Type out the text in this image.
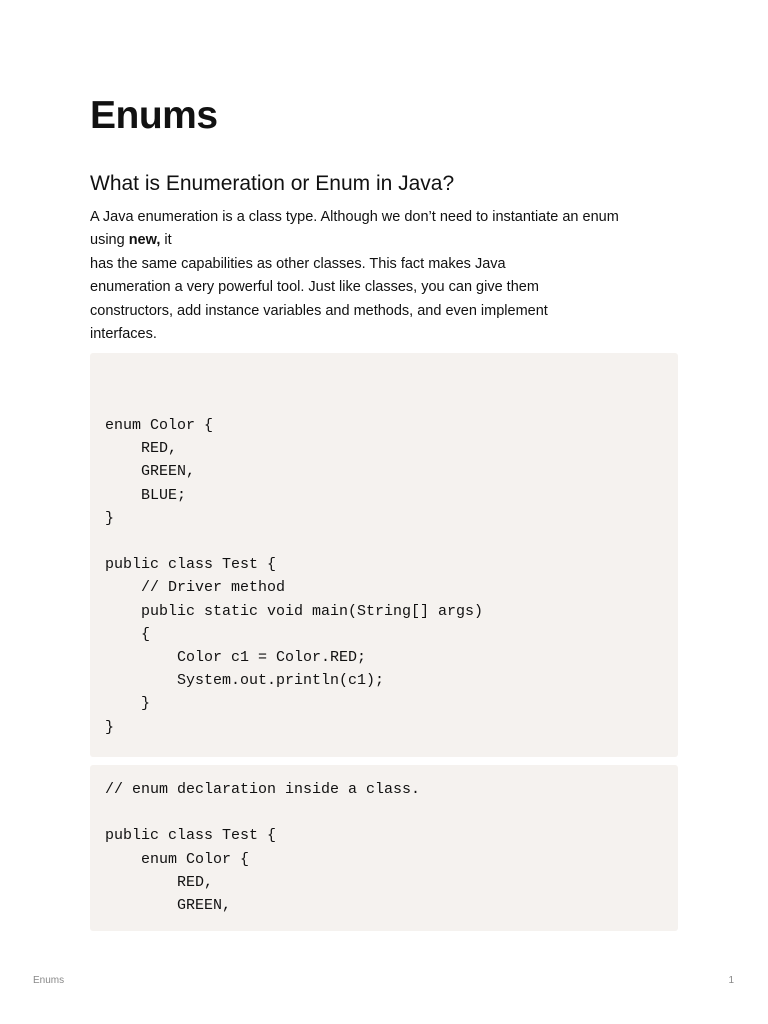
Enums
What is Enumeration or Enum in Java?
A Java enumeration is a class type. Although we don’t need to instantiate an enum
using new, it
has the same capabilities as other classes. This fact makes Java
enumeration a very powerful tool. Just like classes, you can give them
constructors, add instance variables and methods, and even implement
interfaces.
enum Color {
RED,
GREEN,
BLUE;
}

public class Test {
// Driver method
public static void main(String[] args)
{
Color c1 = Color.RED;
System.out.println(c1);
}
}
// enum declaration inside a class.

public class Test {
enum Color {
RED,
GREEN,
Enums	1
